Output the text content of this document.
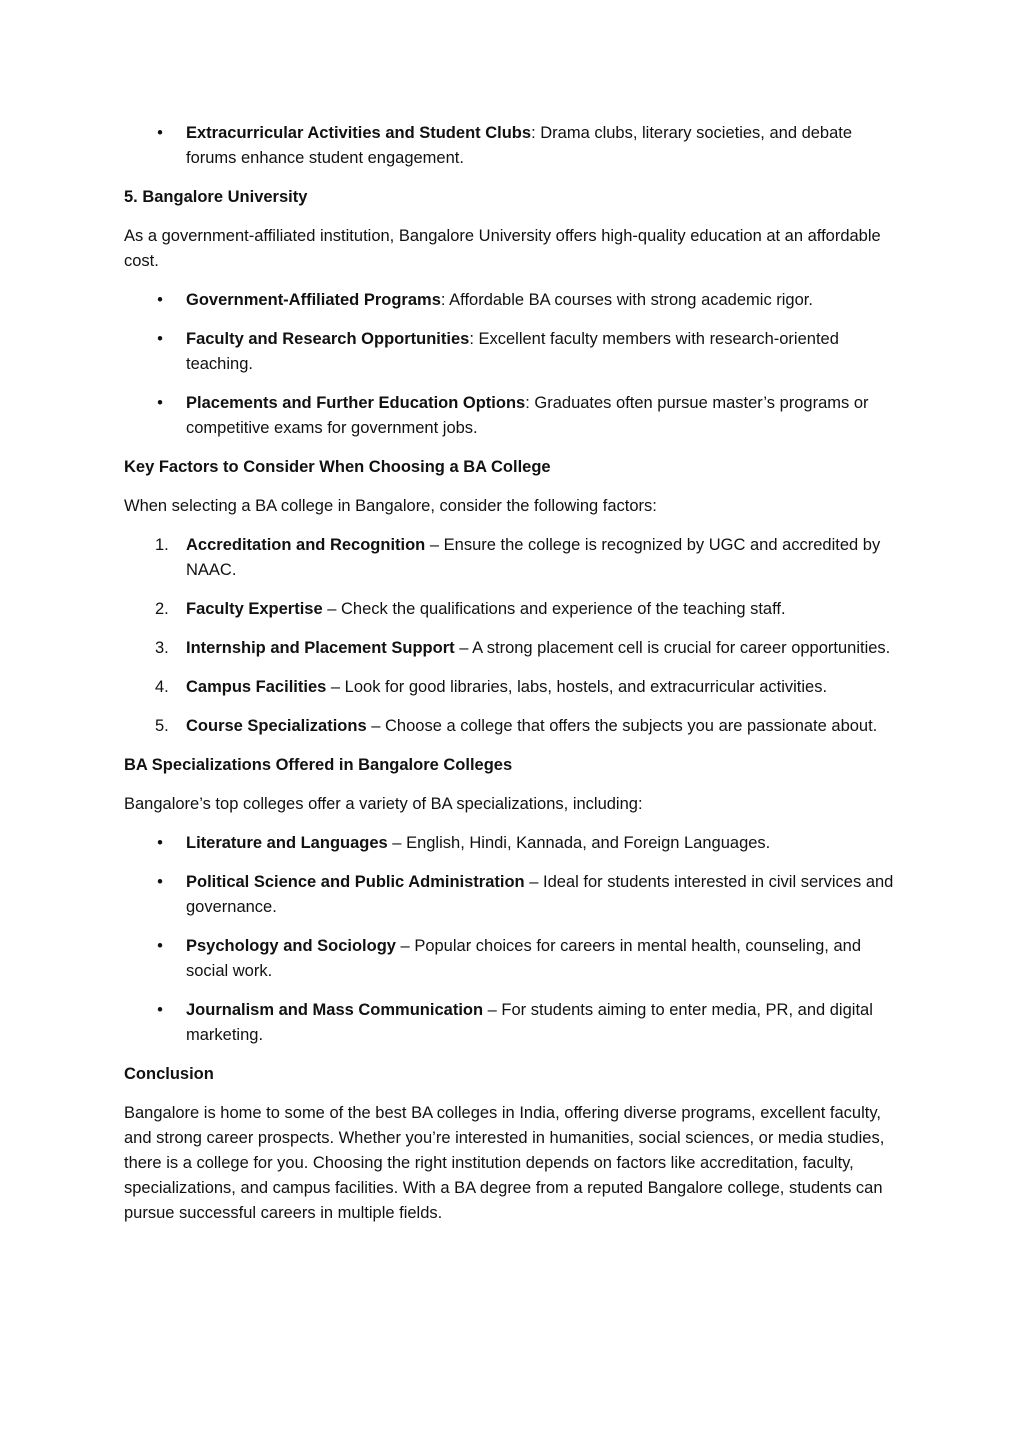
• Extracurricular Activities and Student Clubs: Drama clubs, literary societies, and debate forums enhance student engagement.
5. Bangalore University

As a government-affiliated institution, Bangalore University offers high-quality education at an affordable cost.

• Government-Affiliated Programs: Affordable BA courses with strong academic rigor.
• Faculty and Research Opportunities: Excellent faculty members with research-oriented teaching.
• Placements and Further Education Options: Graduates often pursue master’s programs or competitive exams for government jobs.
Key Factors to Consider When Choosing a BA College

When selecting a BA college in Bangalore, consider the following factors:

1. Accreditation and Recognition – Ensure the college is recognized by UGC and accredited by NAAC.
2. Faculty Expertise – Check the qualifications and experience of the teaching staff.
3. Internship and Placement Support – A strong placement cell is crucial for career opportunities.
4. Campus Facilities – Look for good libraries, labs, hostels, and extracurricular activities.
5. Course Specializations – Choose a college that offers the subjects you are passionate about.
BA Specializations Offered in Bangalore Colleges

Bangalore’s top colleges offer a variety of BA specializations, including:

• Literature and Languages – English, Hindi, Kannada, and Foreign Languages.
• Political Science and Public Administration – Ideal for students interested in civil services and governance.
• Psychology and Sociology – Popular choices for careers in mental health, counseling, and social work.
• Journalism and Mass Communication – For students aiming to enter media, PR, and digital marketing.
Conclusion

Bangalore is home to some of the best BA colleges in India, offering diverse programs, excellent faculty, and strong career prospects. Whether you’re interested in humanities, social sciences, or media studies, there is a college for you. Choosing the right institution depends on factors like accreditation, faculty, specializations, and campus facilities. With a BA degree from a reputed Bangalore college, students can pursue successful careers in multiple fields.
